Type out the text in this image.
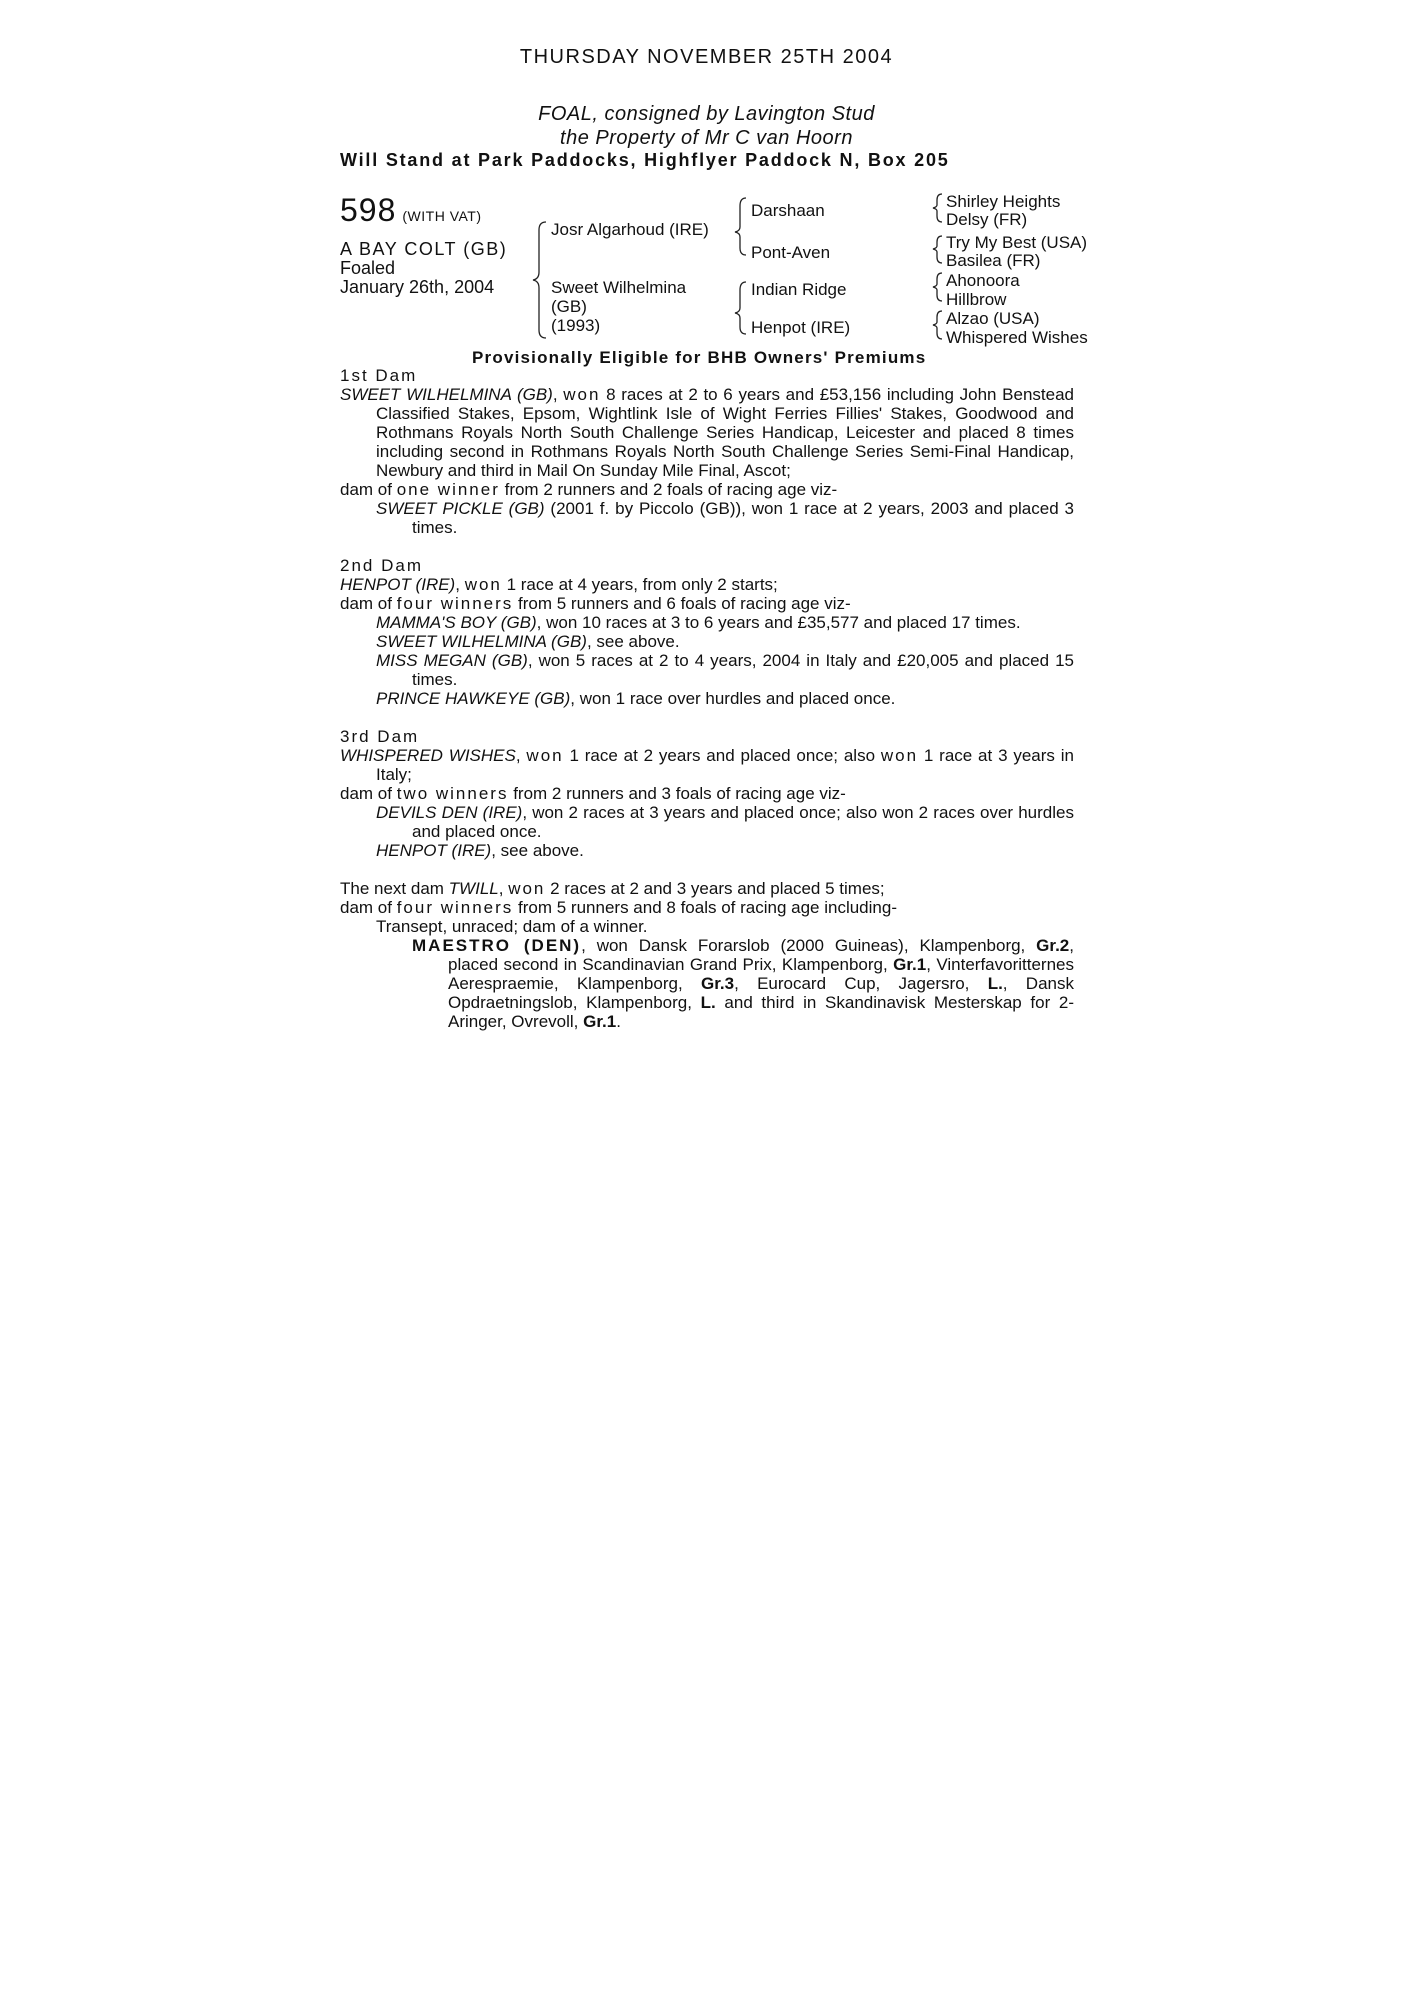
THURSDAY NOVEMBER 25TH 2004
FOAL, consigned by Lavington Stud
the Property of Mr C van Hoorn
Will Stand at Park Paddocks, Highflyer Paddock N, Box 205
598 (WITH VAT)
A BAY COLT (GB)
Foaled
January 26th, 2004
Josr Algarhoud (IRE)
Sweet Wilhelmina
(GB)
(1993)
Darshaan
Pont-Aven
Indian Ridge
Henpot (IRE)
Shirley Heights
Delsy (FR)
Try My Best (USA)
Basilea (FR)
Ahonoora
Hillbrow
Alzao (USA)
Whispered Wishes
Provisionally Eligible for BHB Owners' Premiums
1st Dam
SWEET WILHELMINA (GB), won 8 races at 2 to 6 years and £53,156 including John Benstead Classified Stakes, Epsom, Wightlink Isle of Wight Ferries Fillies' Stakes, Goodwood and Rothmans Royals North South Challenge Series Handicap, Leicester and placed 8 times including second in Rothmans Royals North South Challenge Series Semi-Final Handicap, Newbury and third in Mail On Sunday Mile Final, Ascot;
dam of one winner from 2 runners and 2 foals of racing age viz-
SWEET PICKLE (GB) (2001 f. by Piccolo (GB)), won 1 race at 2 years, 2003 and placed 3 times.
2nd Dam
HENPOT (IRE), won 1 race at 4 years, from only 2 starts;
dam of four winners from 5 runners and 6 foals of racing age viz-
MAMMA'S BOY (GB), won 10 races at 3 to 6 years and £35,577 and placed 17 times.
SWEET WILHELMINA (GB), see above.
MISS MEGAN (GB), won 5 races at 2 to 4 years, 2004 in Italy and £20,005 and placed 15 times.
PRINCE HAWKEYE (GB), won 1 race over hurdles and placed once.
3rd Dam
WHISPERED WISHES, won 1 race at 2 years and placed once; also won 1 race at 3 years in Italy;
dam of two winners from 2 runners and 3 foals of racing age viz-
DEVILS DEN (IRE), won 2 races at 3 years and placed once; also won 2 races over hurdles and placed once.
HENPOT (IRE), see above.
The next dam TWILL, won 2 races at 2 and 3 years and placed 5 times;
dam of four winners from 5 runners and 8 foals of racing age including-
Transept, unraced; dam of a winner.
MAESTRO (DEN), won Dansk Forarslob (2000 Guineas), Klampenborg, Gr.2, placed second in Scandinavian Grand Prix, Klampenborg, Gr.1, Vinterfavoritternes Aerespraemie, Klampenborg, Gr.3, Eurocard Cup, Jagersro, L., Dansk Opdraetningslob, Klampenborg, L. and third in Skandinavisk Mesterskap for 2-Aringer, Ovrevoll, Gr.1.
